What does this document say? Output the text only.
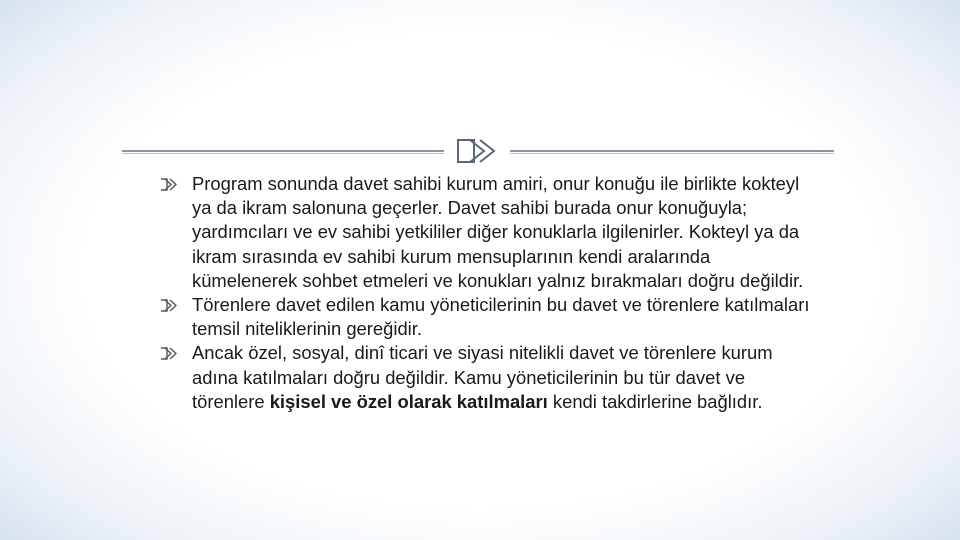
Program sonunda davet sahibi kurum amiri, onur konuğu ile birlikte kokteyl ya da ikram salonuna geçerler. Davet sahibi burada onur konuğuyla; yardımcıları ve ev sahibi yetkililer diğer konuklarla ilgilenirler. Kokteyl ya da ikram sırasında ev sahibi kurum mensuplarının kendi aralarında kümelenerek sohbet etmeleri ve konukları yalnız bırakmaları doğru değildir.

Törenlere davet edilen kamu yöneticilerinin bu davet ve törenlere katılmaları temsil niteliklerinin gereğidir.

Ancak özel, sosyal, dinî ticari ve siyasi nitelikli davet ve törenlere kurum adına katılmaları doğru değildir. Kamu yöneticilerinin bu tür davet ve törenlere kişisel ve özel olarak katılmaları kendi takdirlerine bağlıdır.
